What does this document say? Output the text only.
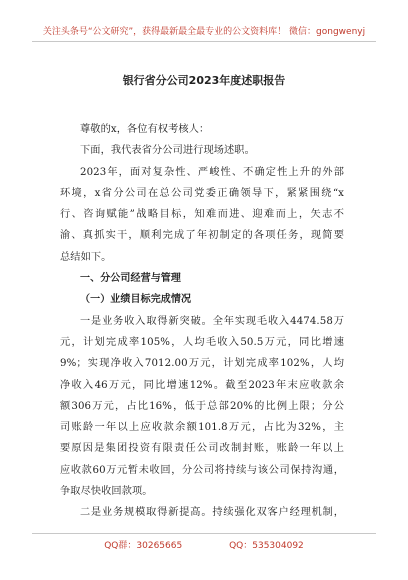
关注头条号“公文研究”，获得最新最全最专业的公文资料库！ 微信：gongwenyj
银行省分公司2023年度述职报告
尊敬的x，各位有权考核人：
下面，我代表省分公司进行现场述职。
2023年，面对复杂性、严峻性、不确定性上升的外部
环境，x省分公司在总公司党委正确领导下，紧紧围绕“x
行、咨询赋能”战略目标，知难而进、迎难而上，矢志不
渝、真抓实干，顺利完成了年初制定的各项任务，现简要
总结如下。
一、分公司经营与管理
（一）业绩目标完成情况
一是业务收入取得新突破。全年实现毛收入4474.58万
元，计划完成率105%，人均毛收入50.5万元，同比增速
9%；实现净收入7012.00万元，计划完成率102%，人均
净收入46万元，同比增速12%。截至2023年末应收款余
额306万元，占比16%，低于总部20%的比例上限；分公
司账龄一年以上应收款余额101.8万元，占比为32%，主
要原因是集团投资有限责任公司改制封账，账龄一年以上
应收款60万元暂未收回，分公司将持续与该公司保持沟通，
争取尽快收回款项。
二是业务规模取得新提高。持续强化双客户经理机制，
QQ群：30265665	QQ：535304092
